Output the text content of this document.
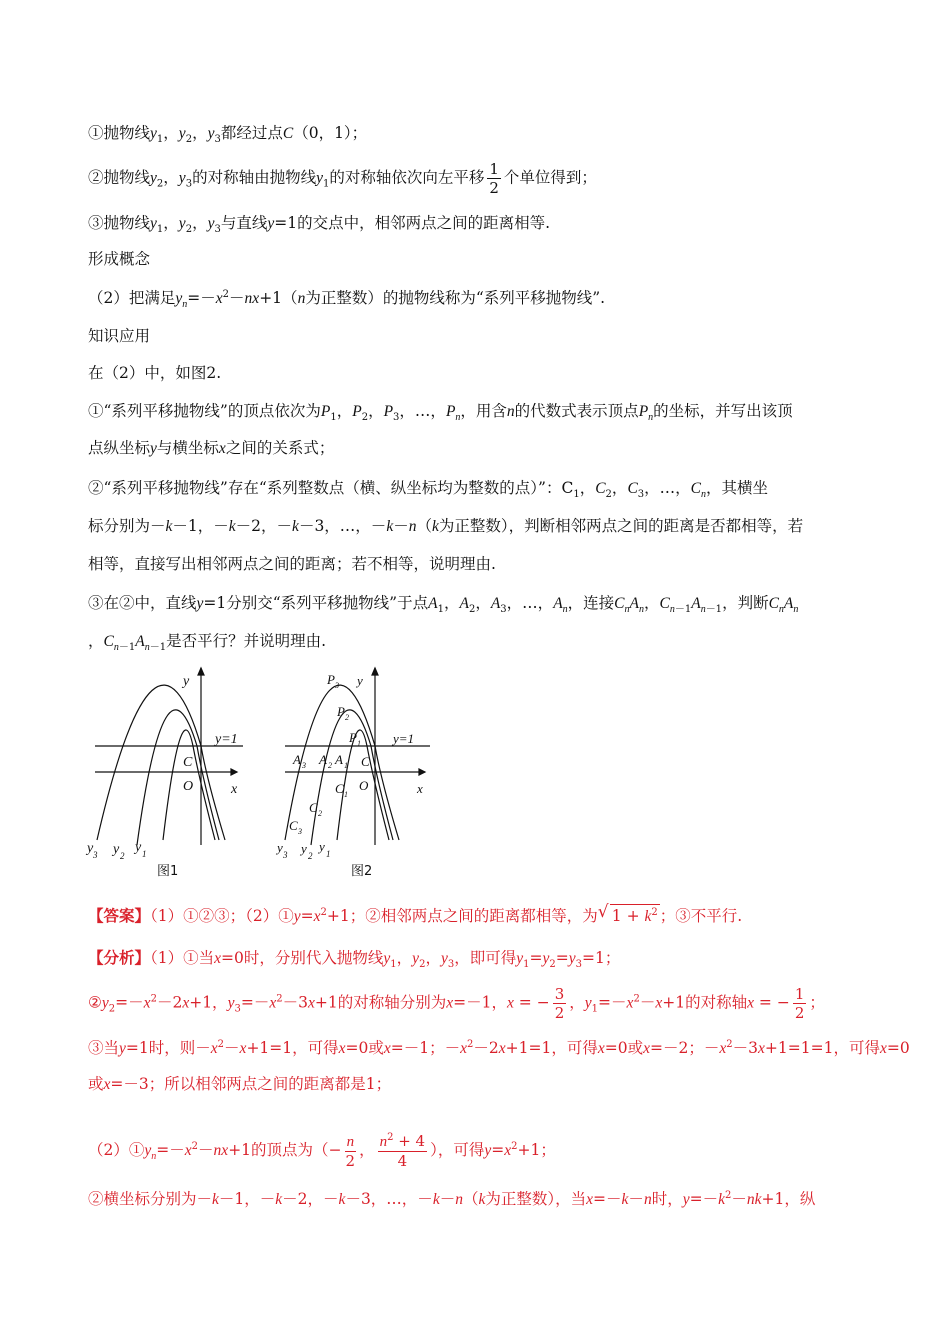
①抛物线$y_1$，$y_2$，$y_3$都经过点C（0，1）；
②抛物线$y_2$，$y_3$的对称轴由抛物线$y_1$的对称轴依次向左平移 $\frac{1}{2}$ 个单位得到；
③抛物线$y_1$，$y_2$，$y_3$与直线y=1的交点中，相邻两点之间的距离相等.
形成概念
（2）把满足$y_n=-x^2-nx+1(n$为正整数）的抛物线称为“系列平移抛物线”.
知识应用
在（2）中，如图2.
①“系列平移抛物线”的顶点依次为$P_1$，$P_2$，$P_3$，…，$P_n$，用含n的代数式表示顶点$P_n$的坐标，并写出该顶
点纵坐标y与横坐标x之间的关系式；
②“系列平移抛物线”存在“系列整数点（横、纵坐标均为整数的点）”：$C_1$，$C_2$，$C_3$，…，$C_n$，其横坐
标分别为－k－1，－k－2，－k－3，…，－k－n（k为正整数），判断相邻两点之间的距离是否都相等，若
相等，直接写出相邻两点之间的距离；若不相等，说明理由.
③在②中，直线y=1分别交“系列平移抛物线”于点$A_1$，$A_2$，$A_3$，…，$A_n$，连接$C_nA_n$，$C_{n-1}A_{n-1}$，判断$C_nA_n$
，$C_{n-1}A_{n-1}$是否平行？并说明理由.
y
x
O
C
y=1
y 3 y 2
y 1
图1
y
x
O
C
y=1
P 3
P 2
P 1
A 3 A 2 A 1
C 1
C 2
C 3
y 3 y 2
y 1
图2
【答案】（1）①②③；$(2)①y=x^2+1$；②相邻两点之间的距离都相等，为√ $1 + k^2$ ；③不平行.
【分析】（1）①当x=0时，分别代入抛物线$y_1$，$y_2$，$y_3$，即可得$y_1=y_2=y_3=1$；
$②y_2=-x^2-2x+1$，$y_3=-x^2-3x+1$的对称轴分别为x=－1，x = − $\frac{3}{2}$ ，$y_1=-x^2-x+1$的对称轴x = − $\frac{1}{2}$ ；
③当y=1时，则$-x^2-x+1=1$，可得x=0或x=－1；$-x^2-2x+1=1$，可得x=0或x=－2；$-x^2-3x+1=1=1$，可得x=0
或x=－3；所以相邻两点之间的距离都是1；
$(2)①y_n=-x^2-nx+1$的顶点为（− $\frac{n}{2}$ ， $\frac{n^2 + 4}{4}$ ），可得$y=x^2+1$；
②横坐标分别为－k－1，－k－2，－k－3，…，－k－n（k为正整数），当x=－k－n时，$y=-k^2-nk+1$，纵
